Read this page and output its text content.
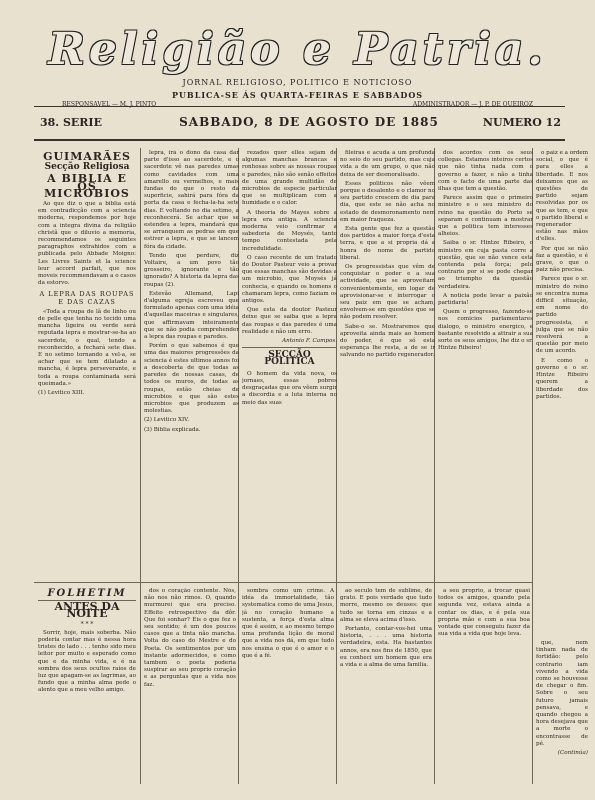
Religião e Patria.
JORNAL RELIGIOSO, POLITICO E NOTICIOSO
PUBLICA-SE ÁS QUARTA-FEIRAS E SABBADOS
RESPONSAVEL — M. J. PINTO	ADMINISTRADOR — J. P. DE QUEIROZ
38. SERIE	SABBADO, 8 DE AGOSTO DE 1885	NUMERO 12
GUIMARÃES
Secção Religiosa
A BIBLIA E OS MICROBIOS

Ao que diz o que a biblia está em contradicção com a sciencia moderna, respondemos por hoje com a integra divina da religião christã que o diluvio a memoria, recommendamos os seguintes paragraphos extrahidos com a publicada pelo Abbade Moigno: Les Livres Saints et la science leur accord parfait, que nos moveis recommendavam a o casos da estorvo.

A LEPRA DAS ROUPAS E DAS CAZAS

«Toda a roupa de lã de linho ou de pelle que tenha no tecido uma mancha ligeira ou verde será reputada lepra e mostrar-se-ha ao sacerdote, o qual, tendo a reconhecido, a fechará sete dias. E no setimo tornando a vel-a, se achar que se tem dilatado a mancha, é lepra perseverante, e toda a roupa contaminada será queimada.»

(1) Levitico XIII.

lepra, irá o dono da casa dar parte d'isso ao sacerdote, e o sacerdote vê nas paredes umas como cavidades com uma amarello ou vermelhos, e mais fundas do que o resto da superficie, sahirá para fóra da porta da casa e fecha-la-ha sete dias. E voltando no dia setimo, a reconhecerá. Se achar que se estendeu a lepra, mandará que se arranquem as pedras em que estiver a lepra, e que se lancem fóra da cidade.

Tendo que perdure, diz Voltaire, a um povo tão grosseiro, ignorante e tão ignorado? A historia da lepra das roupas (2).

Estevão Allemand, Lapi d'alguma egreja escreveu que formulado apenas com uma idéia d'aquellas maceiras e singulares, que affirmavam inteiramente que se não podia comprehender a lepra das roupas e paredes.

Porém o que sabemos é que uma das maiores progressões da sciencia é estes ultimos annos foi a descoberta de que todas as paredes de nossas casas, de todos os muros, de todas as roupas, estão cheias de microbios e que são estes microbios que produzem as molestias.

(2) Levitico XIV.

(3) Biblia explicada.

rezados quer elles sejam de algumas manchas brancas e ronhosas sobre as nossas roupas e paredes, não são senão effeitos de uma grande multidão de microbios de especie particular que se multiplicam com a humidade e o calor.

A theoria do Mayes sobre a lepra era antiga. A sciencia moderna veio confirmar a sabedoria de Moysés, tanto tempo contestada pela incredulidade.

O caso recente de um tratado do Doutor Pasteur veio a provar que essas manchas são devidas a um microbio, que Moysés já conhecia, e quando os homens o chamaram lepra, como faziam os antigos.

Que esta da doutor Pasteur deixe que se saiba que a lepra das roupas e das paredes é uma realidade e não um erro.

Antonio F. Campos.

SECÇÃO POLITICA

O homem da vida nova, os jornaes, essas pobres desgraçadas que ora vêem surgir a discordia e a luta interna no meio das suas

fileiras e acuda a um profunda no seio do seu partido, mas cuja vida a de um grupo, o que não deixa de ser desmoralisado.

Esses politicos não vêem porque o desalento e o clamor no seu partido crescem de dia para dia, que este se não acha no estado de desmoronamento nem em maior fraqueza.

Esta gente que fez a questão dos partidos a maior força d'esta terra, e que a si propria dá a honra do nome de partido liberal.

Os progressistas que vêm de conquistar o poder e a sua actividade, que se aproveitam convenientemente, em logar de aprovisionar-se e interrogar o seu paiz em que se acham, envolvem-se em questões que se não podem resolver.

Sabe-o se. Mostraremos que aproveita ainda mais ao homem do poder, é que só esta esperança lhe resta, a de se ir salvando no partido regenerador.

dos acordos com os seus collegas. Estamos inteiros certos que não tinha nada com o governo a fazer, e não a tinha com o facto de uma parte das ilhas que tem a questão.

Parece assim que o primeiro ministro e o seu ministro do reino na questão do Porto se separam e continuam a mostrar que a politica tem interesses alheios.

Saiba o sr. Hintze Ribeiro, o ministro em cuja pasta corre a questão, que se não vence esta contenda pela força; pelo contrario por si se pode chegar ao triumpho da questão verdadeira.

A noticia pode levar a paixão partidaria!

Quem o progresso, fazendo-se nos comicios parlamentares dialogo, o ministro energico, e bastante resolvido a attrair a sua sorte os seus amigos, lhe diz o sr. Hintze Ribeiro!

o paiz e a ordem social, o que é para elles a liberdade. E nos deixamos que as questões de partido sejam resolvidas por os que as tem, e que o partido liberal e regenerador estão nas mãos d'elles.

Por que se não faz a questão, e é grave, o que o paiz não precisa.

Parece que o sr. ministro do reino se encontra numa difficil situação, em nome do partido progressista, e julga que se não resolverá a questão por meio de um acordo.

E como o governo e o sr. Hintze Ribeiro querem a liberdade dos partidos.

FOLHETIM
ANTES DA NOITE
* * *

Sorrir, hoje, mais soberba. Não poderia contar mas é nessa hora tristes do lado . . . tenho sido meu leitor por muito e esperado como que e da minha vida, e é na sombra dos seus ocultos raios de luz que apagam-se as lagrimas, ao fundo que a minha alma pede o alento que a meu velho amigo.

dos o coração contente. Nós, não nos não rimos. O, quando murmurei que era preciso. Effeito retrospectivo da dôr. Que foi sonhar? Eis o que fez o seu sentido; é um dos poucos casos que a tinta não mancha. Volta do caso do Mestre e do Poeta. Os sentimentos por um instante adormecidos, e como tambem o poeta poderia suspirar ao seu proprio coração e as perguntas que a vida nos faz.

sombra como um crime. A idéa da immortalidade, tão systematica como de uma Jesus, já no coração humano a sustenta, a força d'esta alma que é assim, e ao mesmo tempo uma profunda lição de moral que a vida nos dá, em que tudo nos ensina o que é o amor e o que é a fé.

ao seculo tem de sublime, de grato. E pois verdade que tudo morre, mesmo os deuses: que tudo se torna em cinzas e a alma se eleva acima d'isso.

Portanto, contar-vos-hei uma historia, . . . uma historia verdadeira, esta. Ha bastantes annos, era nos fins de 1850, que eu conheci um homem que era a vida e a alma de uma familia.

a seu proprio, a trocar quasi todos os amigos, quando pela segunda vez, estava ainda a contar os dias, e é pela sua propria mão e com a sua boa vontade que conseguiu fazer da sua vida a vida que hoje leva.

que, nem tinham nada de fortidão: pelo contrario iam vivendo a vida como se houvesse de chegar o fim. Sobre o seu futuro jamais pensava, e quando chegou a hora desejava que a morte o encontrasse de pé.

(Continúa)
